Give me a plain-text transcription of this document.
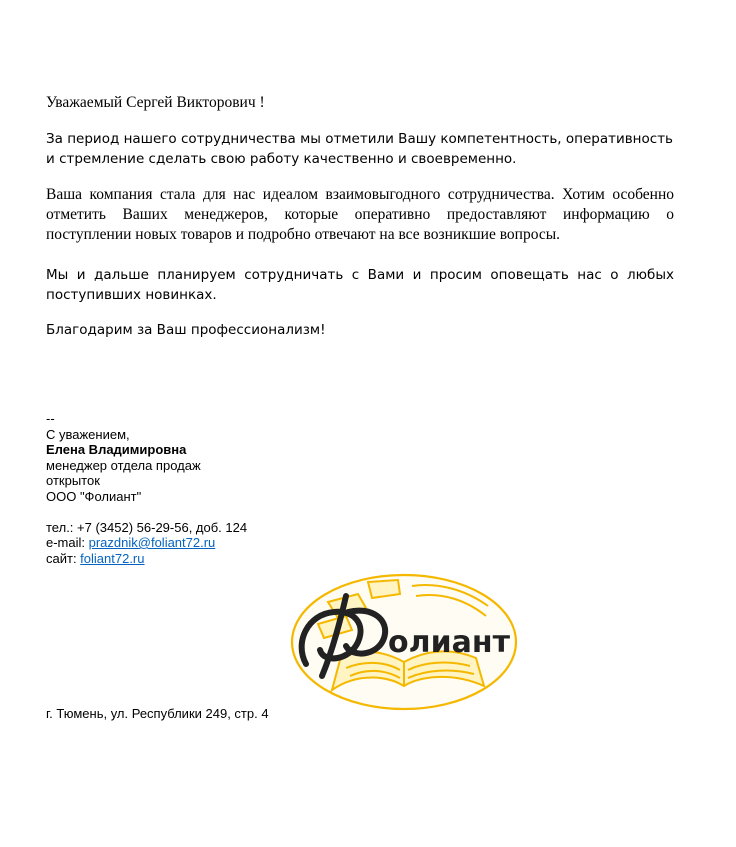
Уважаемый Сергей Викторович !
За период нашего сотрудничества мы отметили Вашу компетентность, оперативность и стремление сделать свою работу качественно и своевременно.
Ваша компания стала для нас идеалом взаимовыгодного сотрудничества. Хотим особенно отметить Ваших менеджеров, которые оперативно предоставляют информацию о поступлении новых товаров и подробно отвечают на все возникшие вопросы.
Мы и дальше планируем сотрудничать с Вами и просим оповещать нас о любых поступивших новинках.
Благодарим за Ваш профессионализм!
--
С уважением,
Елена Владимировна
менеджер отдела продаж
открыток
ООО "Фолиант"
тел.: +7 (3452) 56-29-56, доб. 124
e-mail: prazdnik@foliant72.ru
сайт: foliant72.ru
олиант
г. Тюмень, ул. Республики 249, стр. 4
